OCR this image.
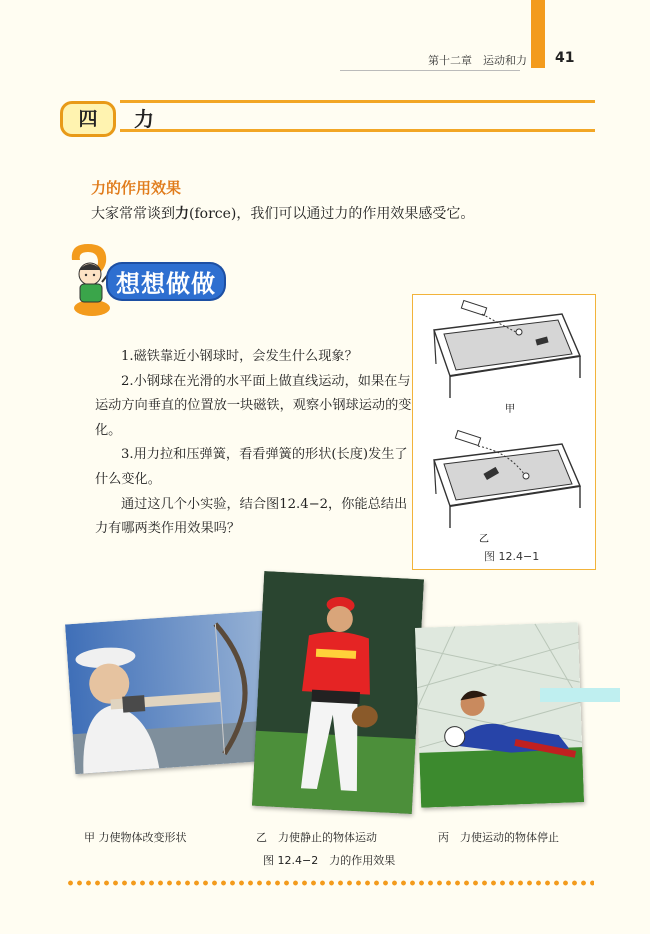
第十二章　运动和力 41
四	力
力的作用效果
大家常常谈到力(force)，我们可以通过力的作用效果感受它。
想想做做

1.磁铁靠近小钢球时，会发生什么现象？

2.小钢球在光滑的水平面上做直线运动，如果在与运动方向垂直的位置放一块磁铁，观察小钢球运动的变化。

3.用力拉和压弹簧，看看弹簧的形状(长度)发生了什么变化。

通过这几个小实验，结合图12.4−2，你能总结出力有哪两类作用效果吗？

甲
乙
图 12.4−1
甲 力使物体改变形状	乙　力使静止的物体运动	丙　力使运动的物体停止
图 12.4−2　力的作用效果
